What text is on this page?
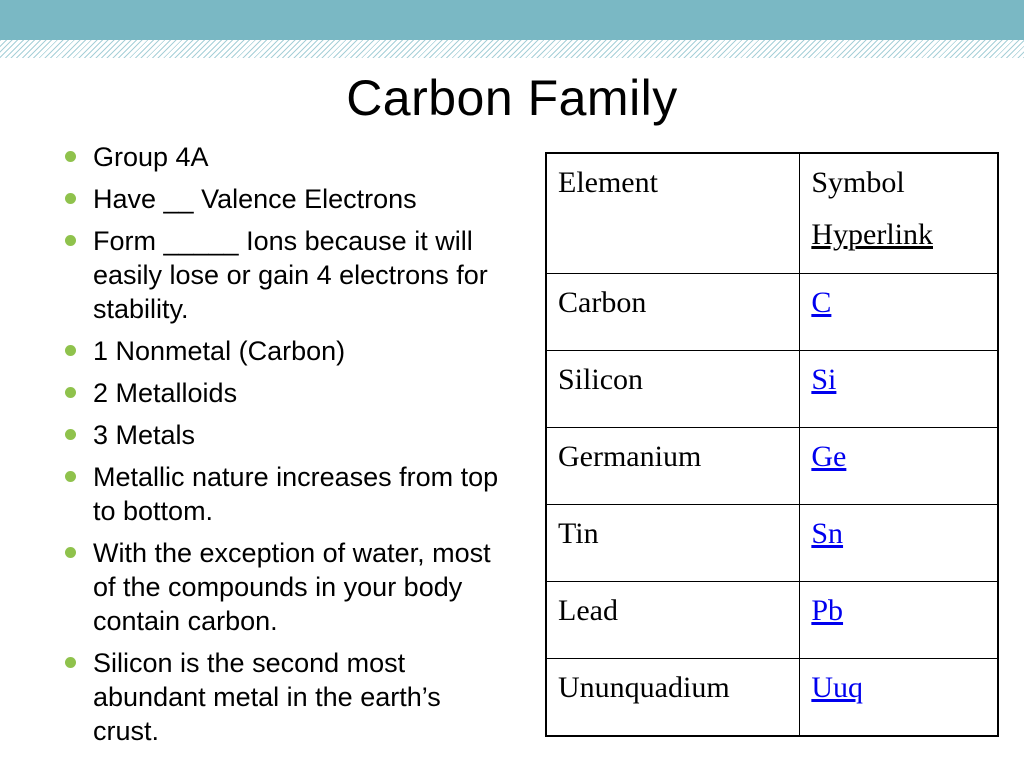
Carbon Family
Group 4A
Have __ Valence Electrons
Form _____ Ions because it will easily lose or gain 4 electrons for stability.
1 Nonmetal (Carbon)
2 Metalloids
3 Metals
Metallic nature increases from top to bottom.
With the exception of water, most of the compounds in your body contain carbon.
Silicon is the second most abundant metal in the earth’s crust.
Element	Symbol
Hyperlink
Carbon	C
Silicon	Si
Germanium	Ge
Tin	Sn
Lead	Pb
Ununquadium	Uuq
